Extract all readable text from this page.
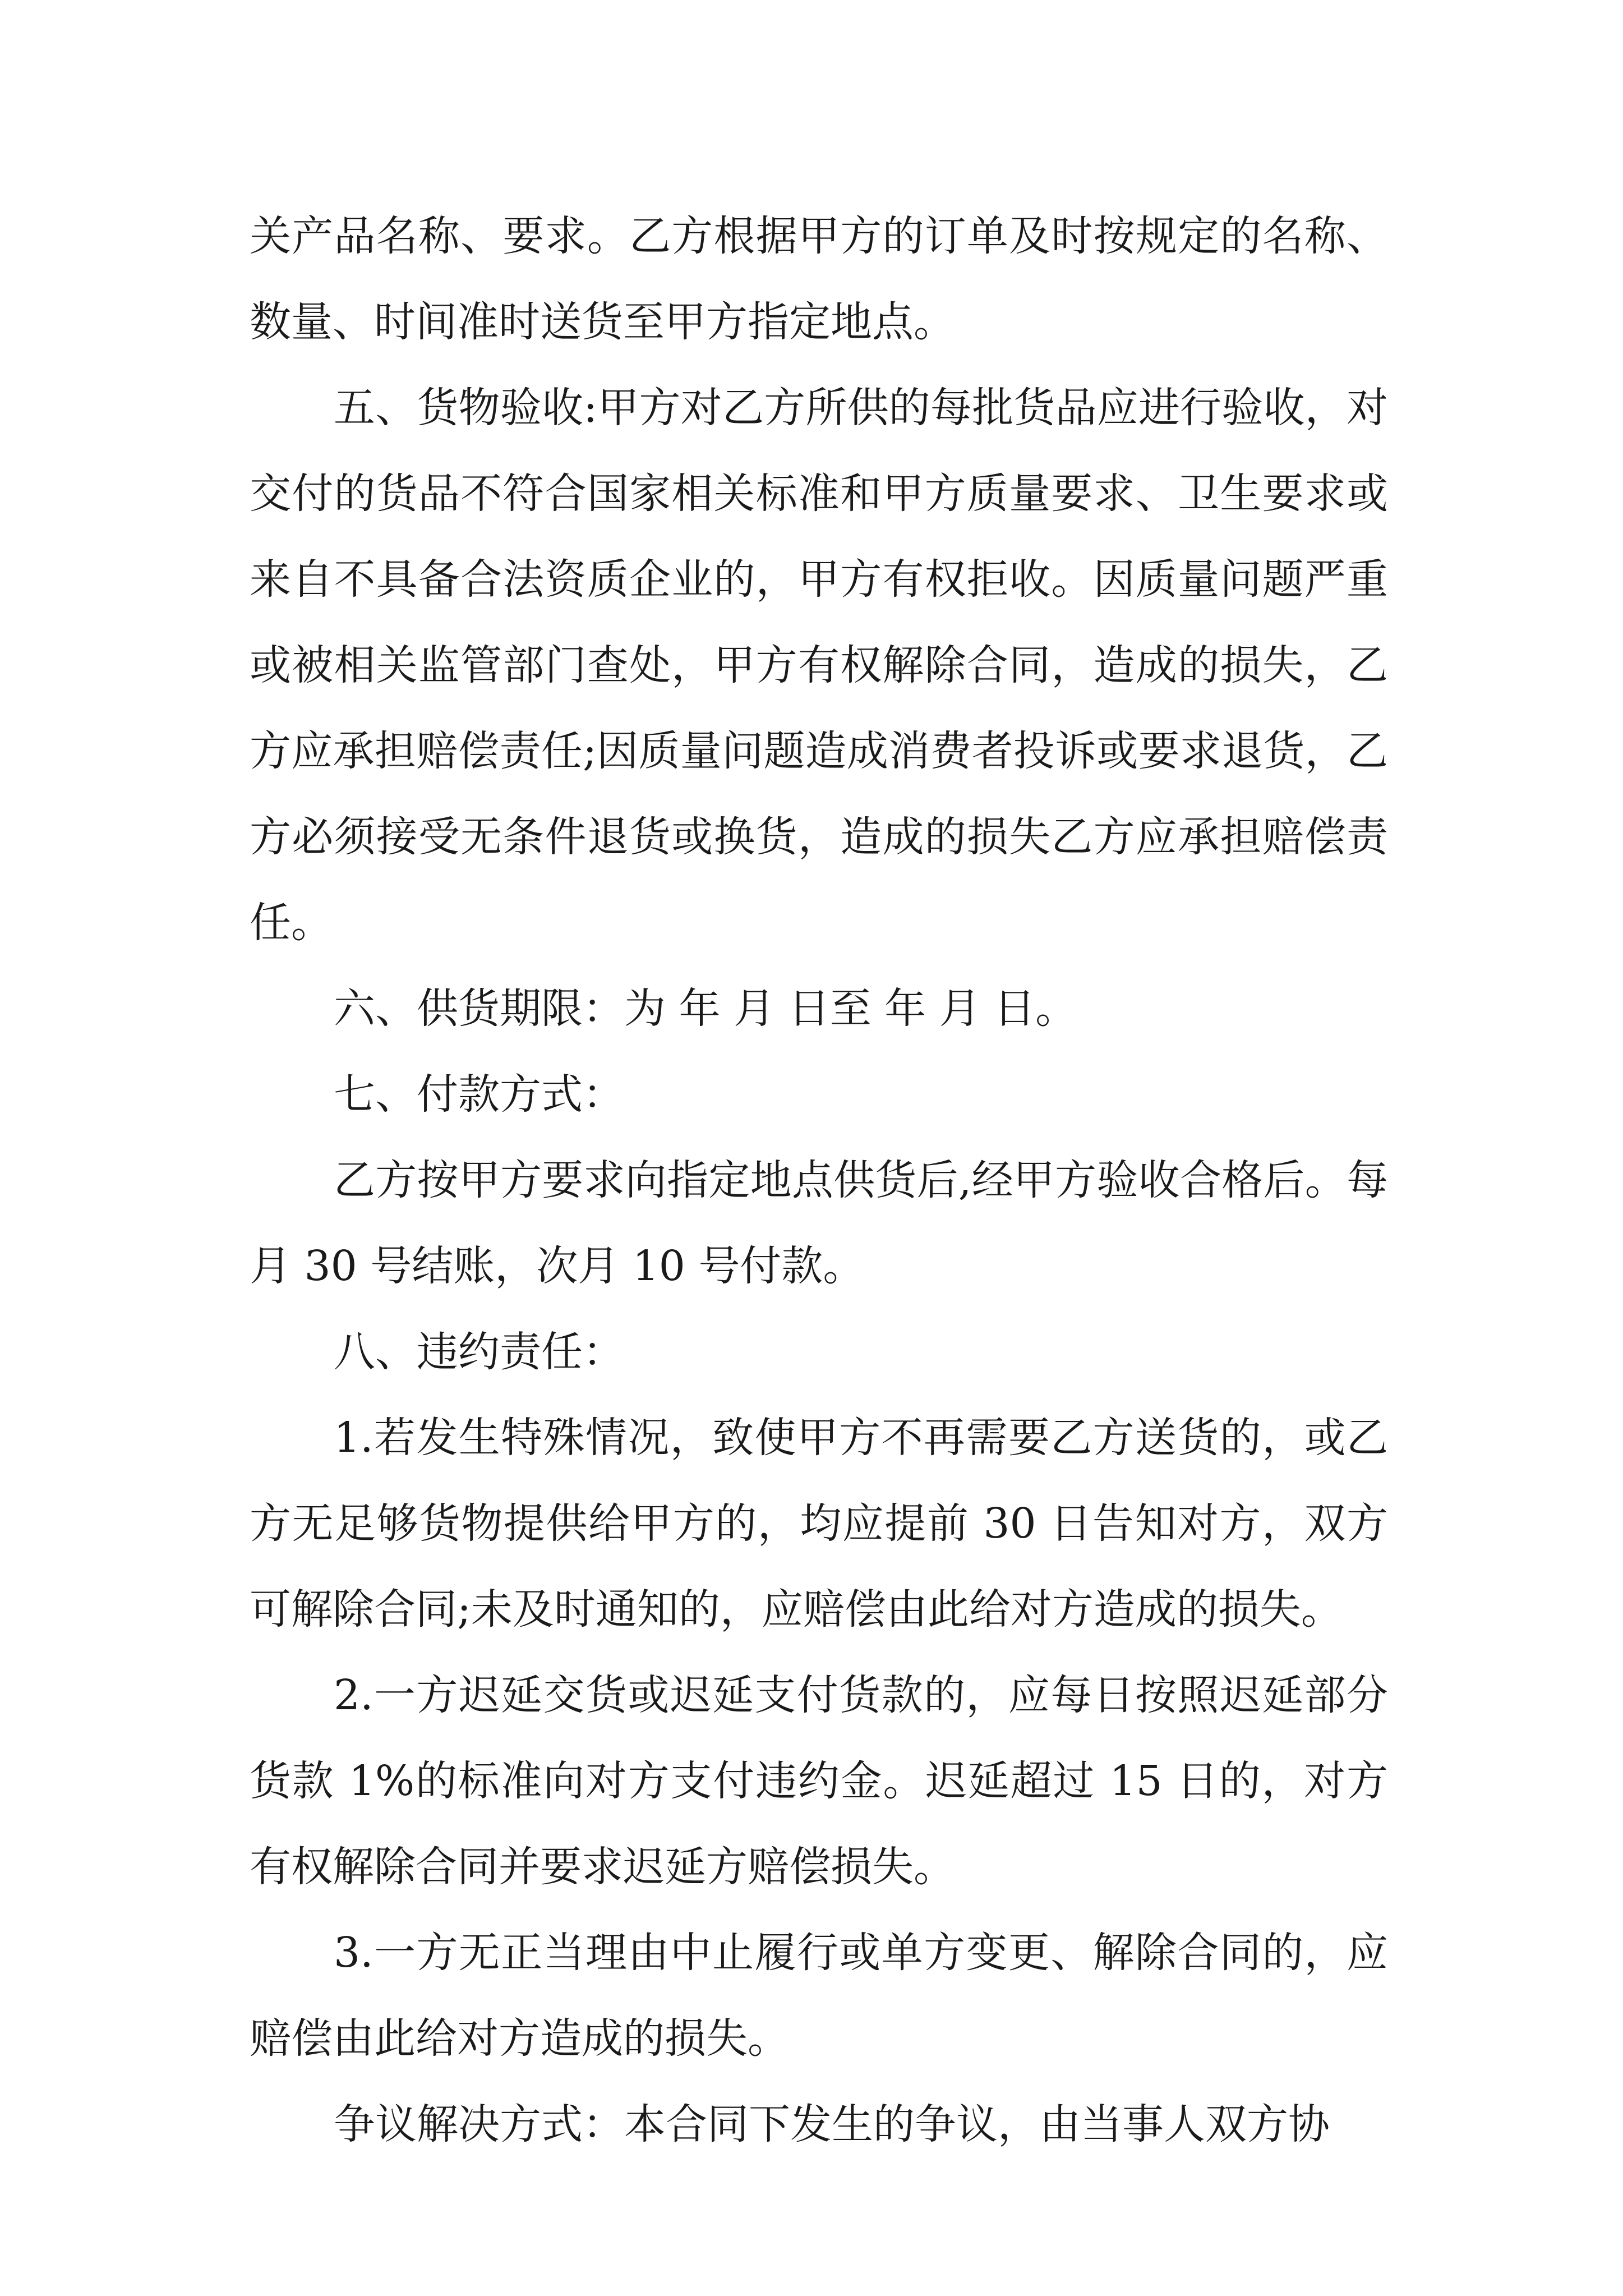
关产品名称、要求。乙方根据甲方的订单及时按规定的名称、数量、时间准时送货至甲方指定地点。

五、货物验收:甲方对乙方所供的每批货品应进行验收，对交付的货品不符合国家相关标准和甲方质量要求、卫生要求或来自不具备合法资质企业的，甲方有权拒收。因质量问题严重或被相关监管部门查处，甲方有权解除合同，造成的损失，乙方应承担赔偿责任;因质量问题造成消费者投诉或要求退货，乙方必须接受无条件退货或换货，造成的损失乙方应承担赔偿责任。

六、供货期限：为 年 月 日至 年 月 日。

七、付款方式：

乙方按甲方要求向指定地点供货后,经甲方验收合格后。每月 30 号结账，次月 10 号付款。

八、违约责任：

1.若发生特殊情况，致使甲方不再需要乙方送货的，或乙方无足够货物提供给甲方的，均应提前 30 日告知对方，双方可解除合同;未及时通知的，应赔偿由此给对方造成的损失。

2.一方迟延交货或迟延支付货款的，应每日按照迟延部分货款 1%的标准向对方支付违约金。迟延超过 15 日的，对方有权解除合同并要求迟延方赔偿损失。

3.一方无正当理由中止履行或单方变更、解除合同的，应赔偿由此给对方造成的损失。

争议解决方式：本合同下发生的争议，由当事人双方协
